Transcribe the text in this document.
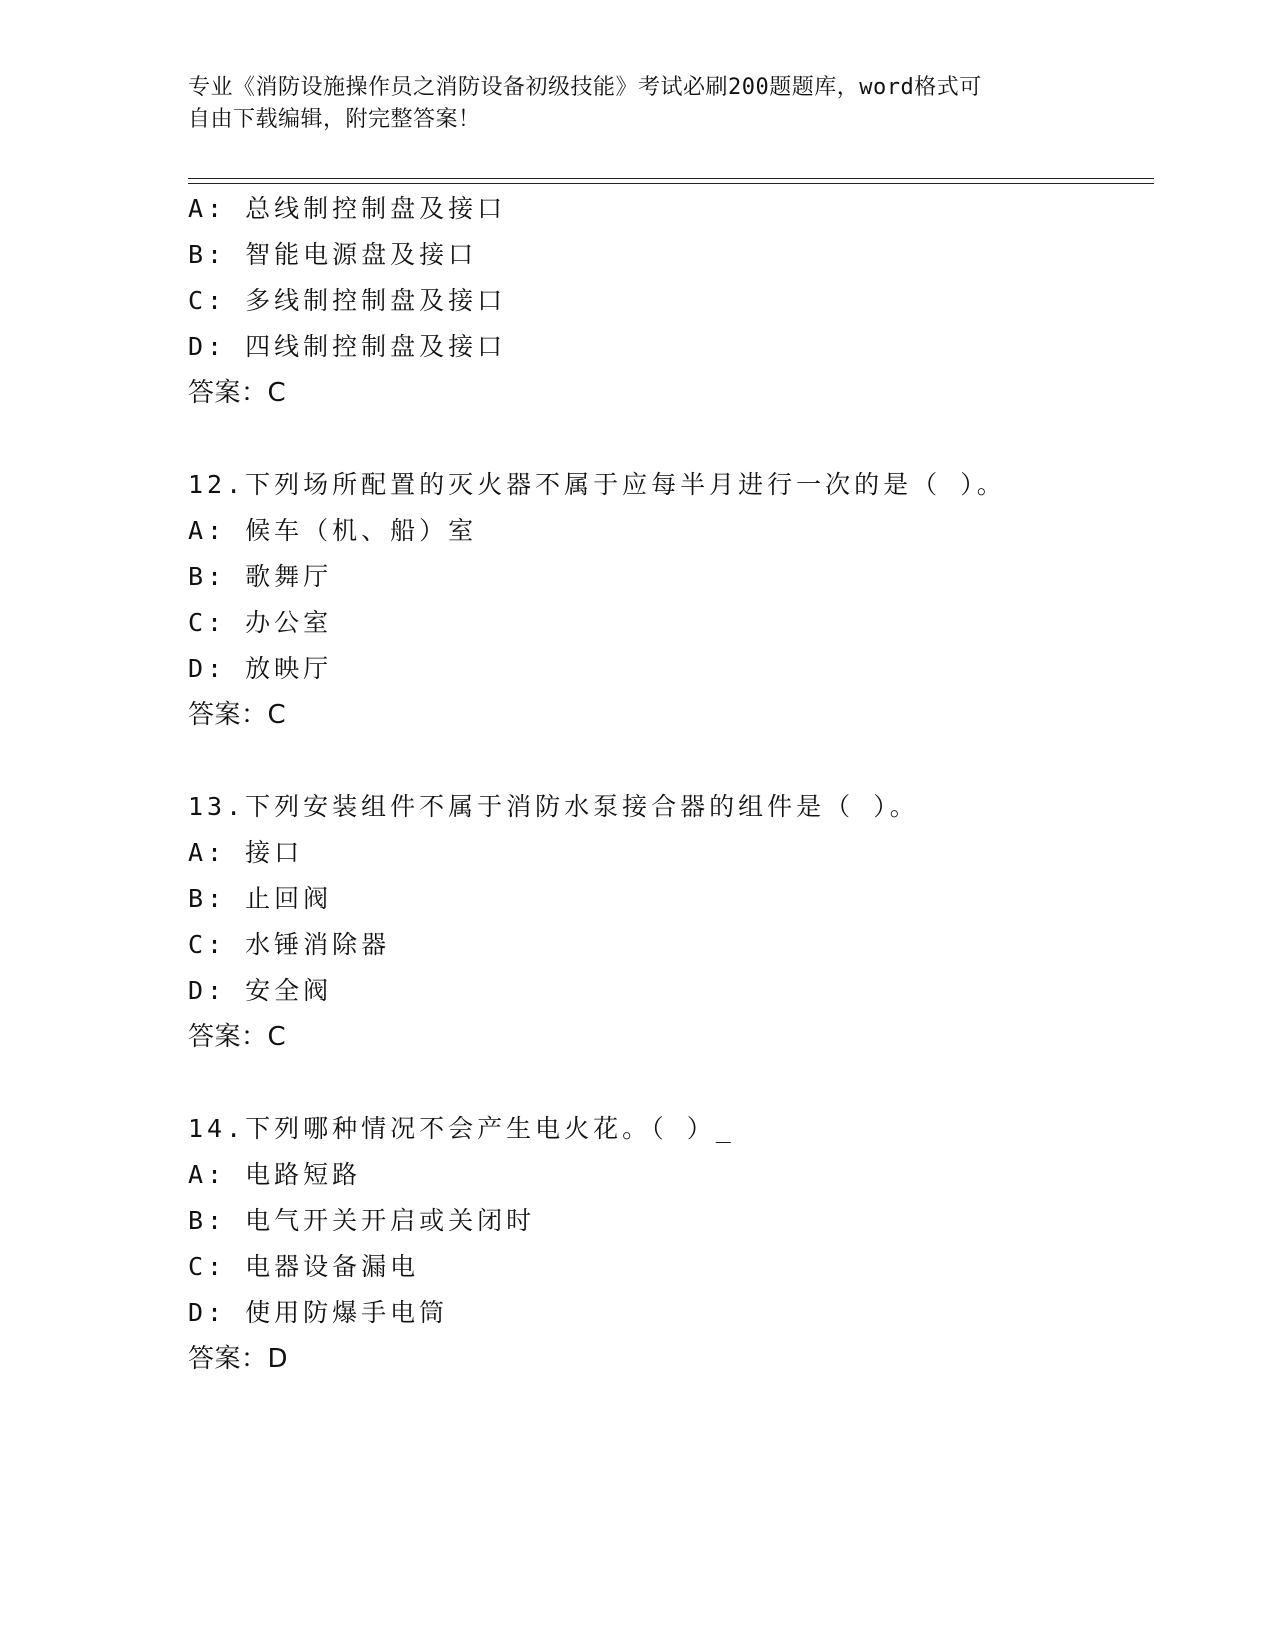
专业《消防设施操作员之消防设备初级技能》考试必刷200题题库，word格式可
自由下载编辑，附完整答案！
A: 总线制控制盘及接口
B: 智能电源盘及接口
C: 多线制控制盘及接口
D: 四线制控制盘及接口
答案：C
12.下列场所配置的灭火器不属于应每半月进行一次的是（ ）。
A: 候车（机、船）室
B: 歌舞厅
C: 办公室
D: 放映厅
答案：C
13.下列安装组件不属于消防水泵接合器的组件是（ ）。
A: 接口
B: 止回阀
C: 水锤消除器
D: 安全阀
答案：C
14.下列哪种情况不会产生电火花。（ ）_
A: 电路短路
B: 电气开关开启或关闭时
C: 电器设备漏电
D: 使用防爆手电筒
答案：D
